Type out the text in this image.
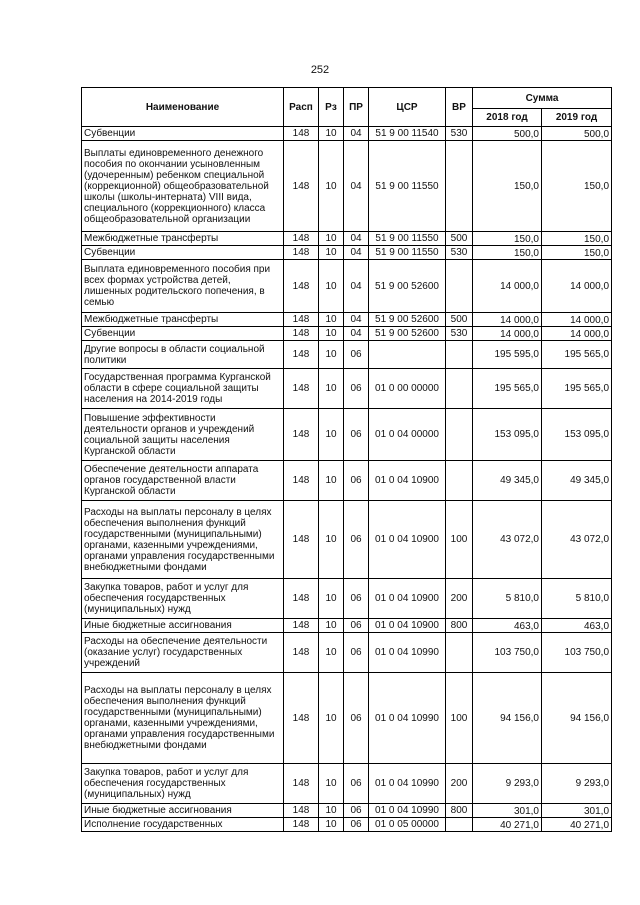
252
Наименование	Расп	Рз	ПР	ЦСР	ВР	Сумма	
						2018 год	2019 год
Субвенции	148	10	04	51 9 00 11540	530	500,0	500,0
Выплаты единовременного денежного пособия по окончании усыновленным (удочеренным) ребенком специальной (коррекционной) общеобразовательной школы (школы-интерната) VIII вида, специального (коррекционного) класса общеобразовательной организации	148	10	04	51 9 00 11550		150,0	150,0
Межбюджетные трансферты	148	10	04	51 9 00 11550	500	150,0	150,0
Субвенции	148	10	04	51 9 00 11550	530	150,0	150,0
Выплата единовременного пособия при всех формах устройства детей, лишенных родительского попечения, в семью	148	10	04	51 9 00 52600		14 000,0	14 000,0
Межбюджетные трансферты	148	10	04	51 9 00 52600	500	14 000,0	14 000,0
Субвенции	148	10	04	51 9 00 52600	530	14 000,0	14 000,0
Другие вопросы в области социальной политики	148	10	06			195 595,0	195 565,0
Государственная программа Курганской области в сфере социальной защиты населения на 2014-2019 годы	148	10	06	01 0 00 00000		195 565,0	195 565,0
Повышение эффективности деятельности органов и учреждений социальной защиты населения Курганской области	148	10	06	01 0 04 00000		153 095,0	153 095,0
Обеспечение деятельности аппарата органов государственной власти Курганской области	148	10	06	01 0 04 10900		49 345,0	49 345,0
Расходы на выплаты персоналу в целях обеспечения выполнения функций государственными (муниципальными) органами, казенными учреждениями, органами управления государственными внебюджетными фондами	148	10	06	01 0 04 10900	100	43 072,0	43 072,0
Закупка товаров, работ и услуг для обеспечения государственных (муниципальных) нужд	148	10	06	01 0 04 10900	200	5 810,0	5 810,0
Иные бюджетные ассигнования	148	10	06	01 0 04 10900	800	463,0	463,0
Расходы на обеспечение деятельности (оказание услуг) государственных учреждений	148	10	06	01 0 04 10990		103 750,0	103 750,0
Расходы на выплаты персоналу в целях обеспечения выполнения функций государственными (муниципальными) органами, казенными учреждениями, органами управления государственными внебюджетными фондами	148	10	06	01 0 04 10990	100	94 156,0	94 156,0
Закупка товаров, работ и услуг для обеспечения государственных (муниципальных) нужд	148	10	06	01 0 04 10990	200	9 293,0	9 293,0
Иные бюджетные ассигнования	148	10	06	01 0 04 10990	800	301,0	301,0
Исполнение государственных	148	10	06	01 0 05 00000		40 271,0	40 271,0
